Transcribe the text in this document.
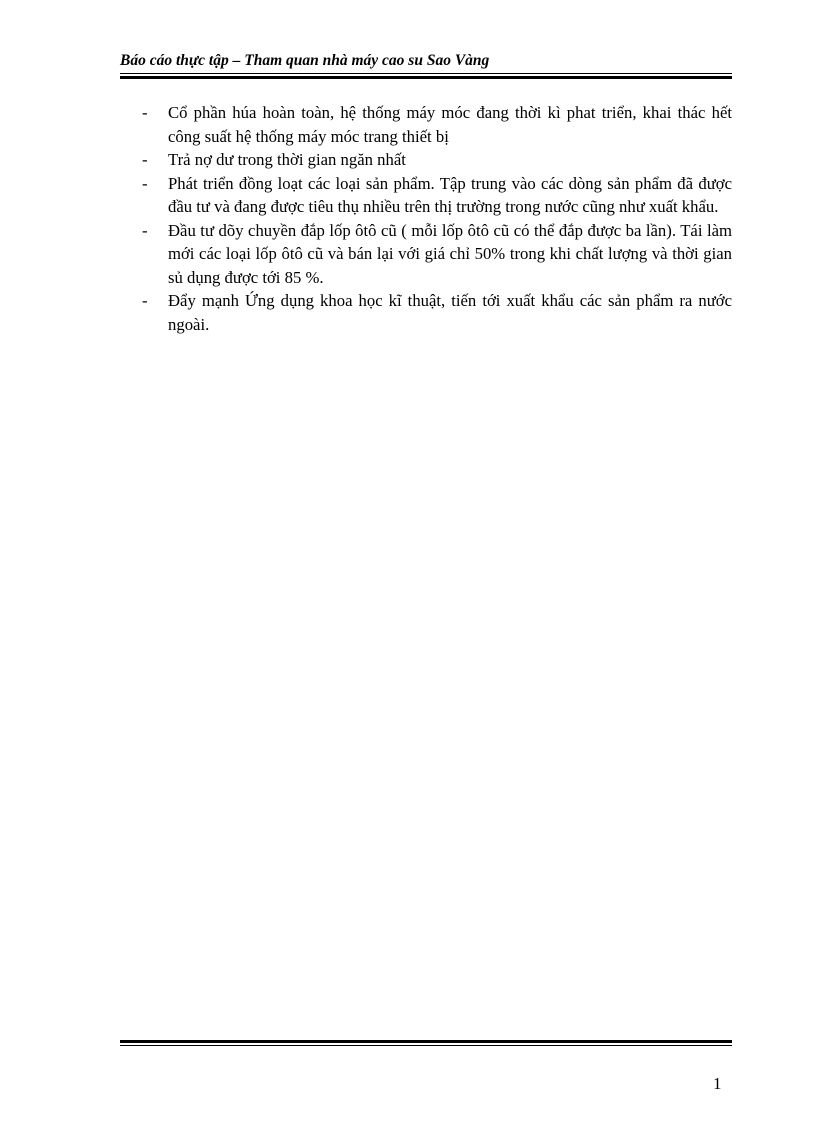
Báo cáo thực tập – Tham quan nhà máy cao su Sao Vàng
-	Cổ phần húa hoàn toàn, hệ thống máy móc đang thời kì phat triển, khai thác hết công suất hệ thống máy móc trang thiết bị
-	Trả nợ dư trong thời gian ngăn nhất
-	Phát triển đồng loạt các loại sản phẩm. Tập trung vào các dòng sản phẩm đã được đầu tư và đang được tiêu thụ nhiều trên thị trường trong nước cũng như xuất khẩu.
-	Đầu tư dõy chuyền đắp lốp ôtô cũ ( mỗi lốp ôtô cũ có thể đắp được ba lần). Tái làm mới các loại lốp ôtô cũ và bán lại với giá chỉ 50% trong khi chất lượng và thời gian sủ dụng được tới 85 %.
-	Đẩy mạnh Ứng dụng khoa học kĩ thuật, tiến tới xuất khẩu các sản phẩm ra nước ngoài.
1
